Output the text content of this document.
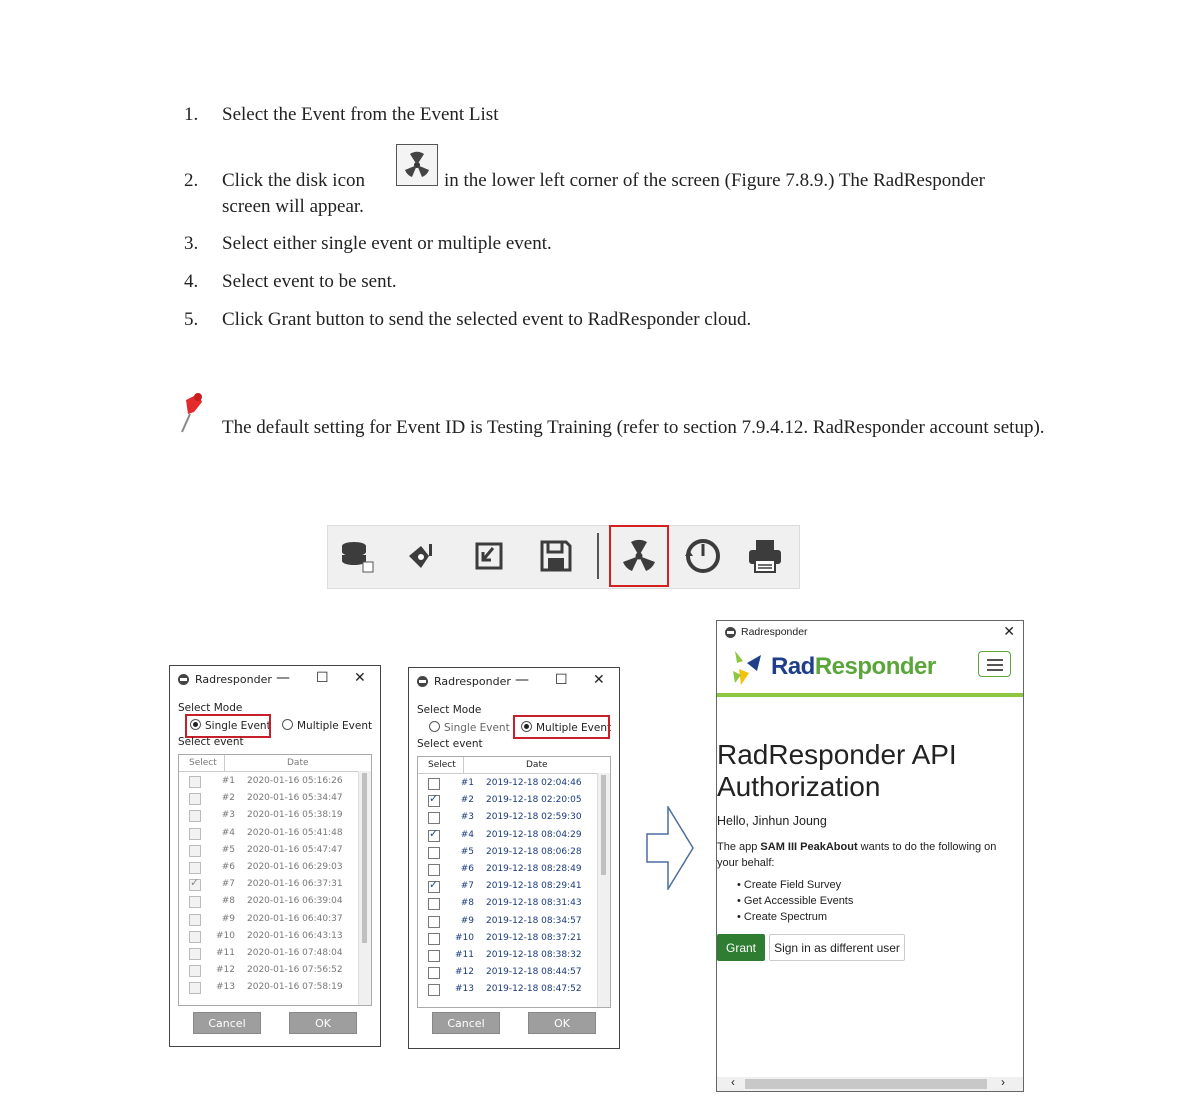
1.	Select the Event from the Event List
2.	Click the disk icon	in the lower left corner of the screen (Figure 7.8.9.) The RadResponder
screen will appear.
3.	Select either single event or multiple event.
4.	Select event to be sent.
5.	Click Grant button to send the selected event to RadResponder cloud.
The default setting for Event ID is Testing Training (refer to section 7.9.4.12. RadResponder account setup).
Radresponder — ☐ ✕
Select Mode
Single Event	Multiple Event
Select event
Select	Date
#1 2020-01-16 05:16:26
#2 2020-01-16 05:34:47
#3 2020-01-16 05:38:19
#4 2020-01-16 05:41:48
#5 2020-01-16 05:47:47
#6 2020-01-16 06:29:03
✓
#7 2020-01-16 06:37:31
#8 2020-01-16 06:39:04
#9 2020-01-16 06:40:37
#10 2020-01-16 06:43:13
#11 2020-01-16 07:48:04
#12 2020-01-16 07:56:52
#13 2020-01-16 07:58:19
Cancel	OK
Radresponder — ☐ ✕
Select Mode
Single Event	Multiple Event
Select event
Select	Date
#1 2019-12-18 02:04:46
✓
#2 2019-12-18 02:20:05
#3 2019-12-18 02:59:30
✓
#4 2019-12-18 08:04:29
#5 2019-12-18 08:06:28
#6 2019-12-18 08:28:49
✓
#7 2019-12-18 08:29:41
#8 2019-12-18 08:31:43
#9 2019-12-18 08:34:57
#10 2019-12-18 08:37:21
#11 2019-12-18 08:38:32
#12 2019-12-18 08:44:57
#13 2019-12-18 08:47:52
Cancel	OK
Radresponder	✕
RadResponder
RadResponder API Authorization
Hello, Jinhun Joung
The app SAM III PeakAbout wants to do the following on your behalf:
• Create Field Survey
• Get Accessible Events
• Create Spectrum
Grant	Sign in as different user
‹	›
